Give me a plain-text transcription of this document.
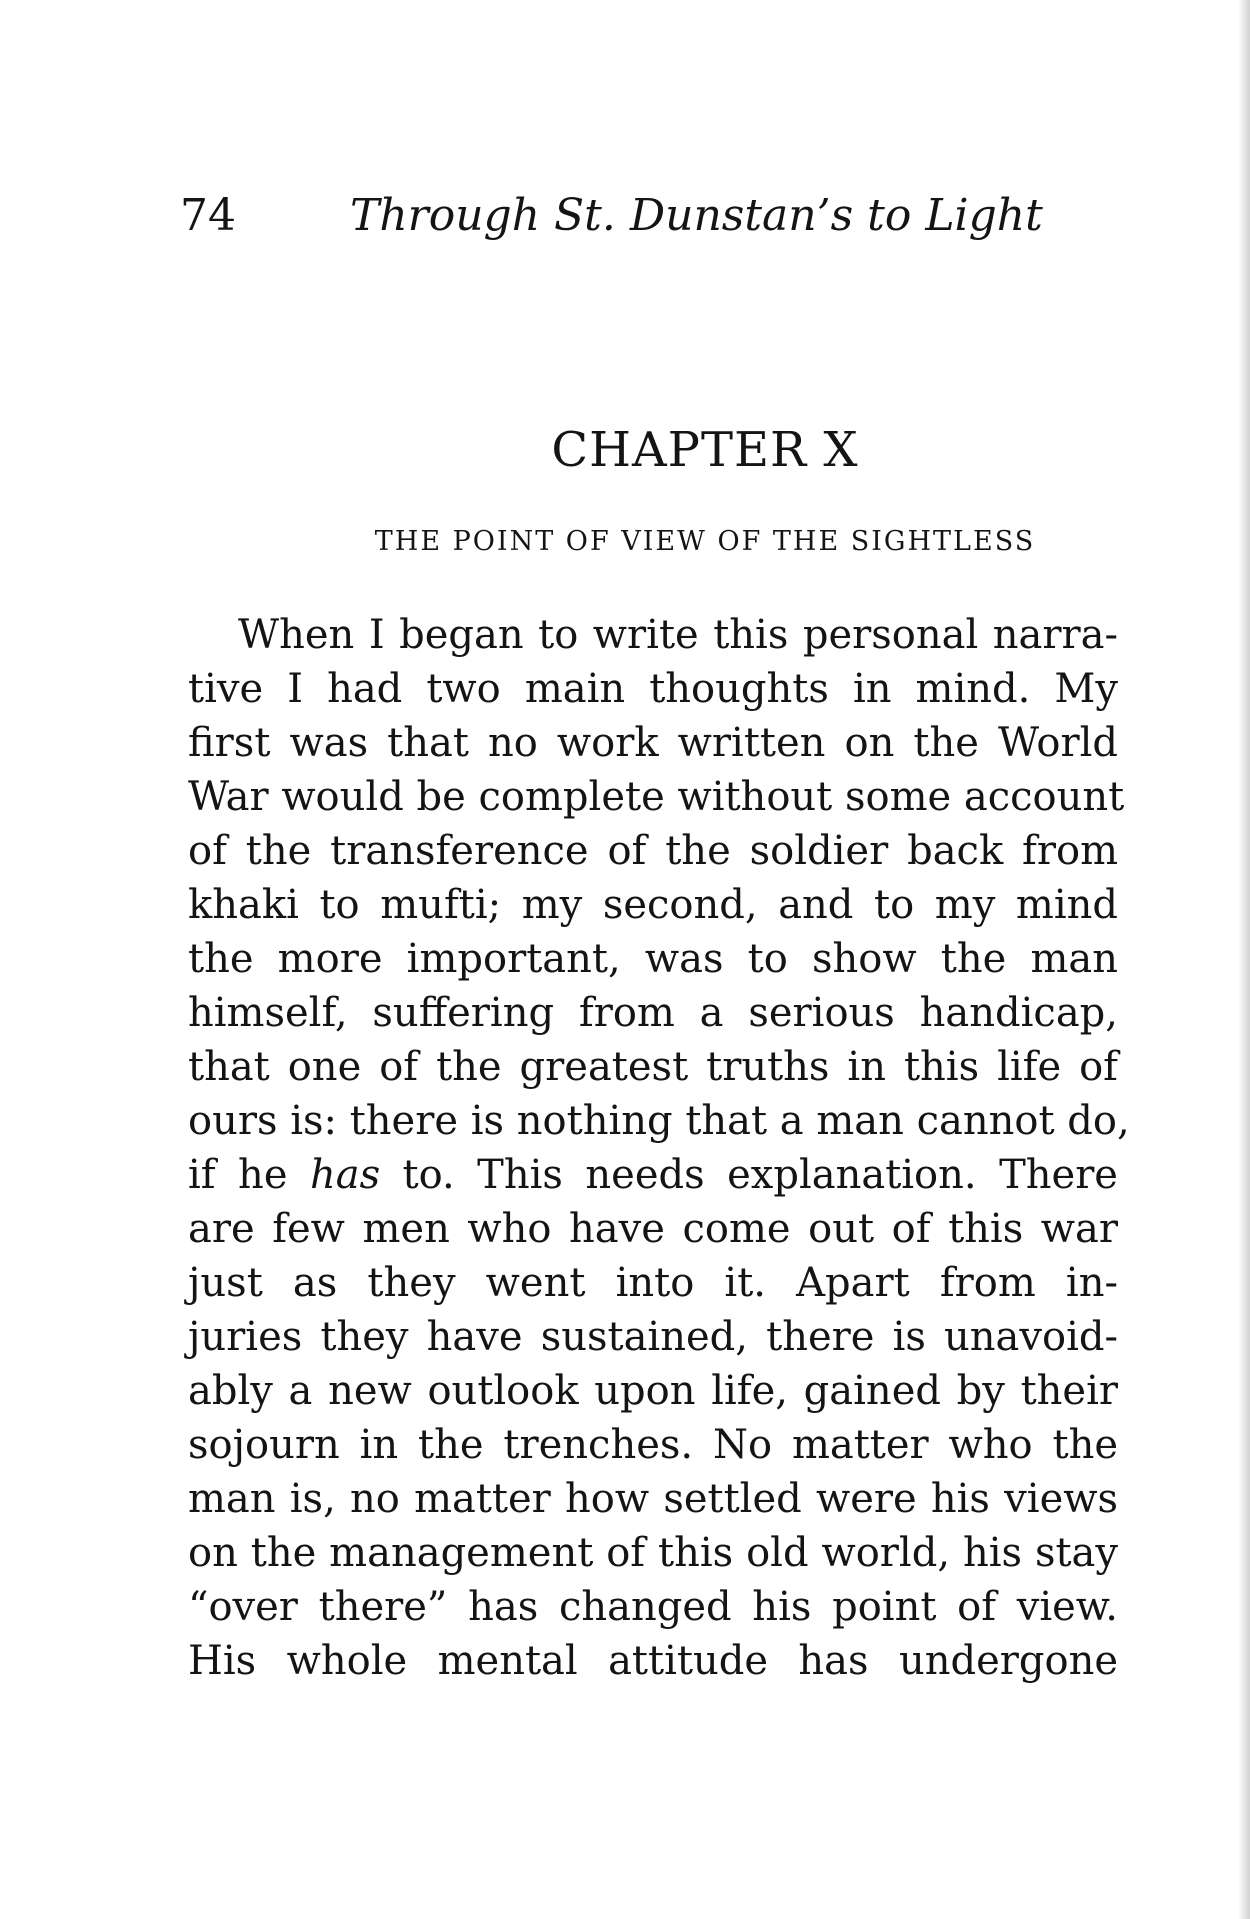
74	Through St. Dunstan’s to Light
CHAPTER X
THE POINT OF VIEW OF THE SIGHTLESS
When I began to write this personal narra-
tive I had two main thoughts in mind. My
first was that no work written on the World
War would be complete without some account
of the transference of the soldier back from
khaki to mufti; my second, and to my mind
the more important, was to show the man
himself, suffering from a serious handicap,
that one of the greatest truths in this life of
ours is: there is nothing that a man cannot do,
if he has to. This needs explanation. There
are few men who have come out of this war
just as they went into it. Apart from in-
juries they have sustained, there is unavoid-
ably a new outlook upon life, gained by their
sojourn in the trenches. No matter who the
man is, no matter how settled were his views
on the management of this old world, his stay
“over there” has changed his point of view.
His whole mental attitude has undergone
